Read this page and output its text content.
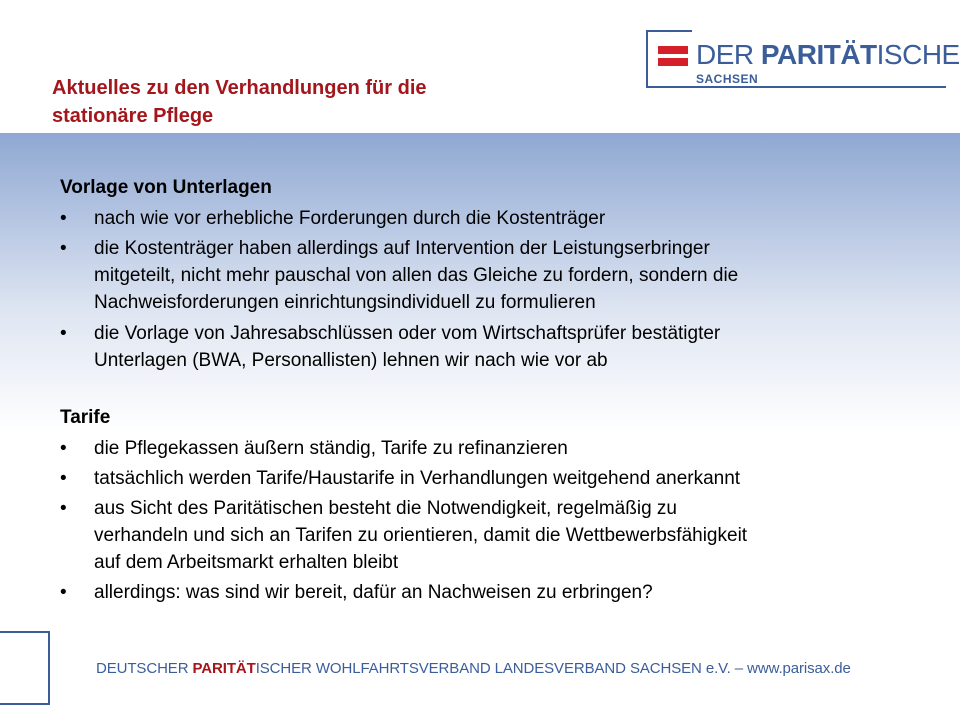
Aktuelles zu den Verhandlungen für die
stationäre Pflege
DER PARITÄTISCHE
SACHSEN
Vorlage von Unterlagen
• nach wie vor erhebliche Forderungen durch die Kostenträger
• die Kostenträger haben allerdings auf Intervention der Leistungserbringer
mitgeteilt, nicht mehr pauschal von allen das Gleiche zu fordern, sondern die
Nachweisforderungen einrichtungsindividuell zu formulieren
• die Vorlage von Jahresabschlüssen oder vom Wirtschaftsprüfer bestätigter
Unterlagen (BWA, Personallisten) lehnen wir nach wie vor ab
Tarife
• die Pflegekassen äußern ständig, Tarife zu refinanzieren
• tatsächlich werden Tarife/Haustarife in Verhandlungen weitgehend anerkannt
• aus Sicht des Paritätischen besteht die Notwendigkeit, regelmäßig zu
verhandeln und sich an Tarifen zu orientieren, damit die Wettbewerbsfähigkeit
auf dem Arbeitsmarkt erhalten bleibt
• allerdings: was sind wir bereit, dafür an Nachweisen zu erbringen?
DEUTSCHER PARITÄTISCHER WOHLFAHRTSVERBAND LANDESVERBAND SACHSEN e.V. – www.parisax.de
